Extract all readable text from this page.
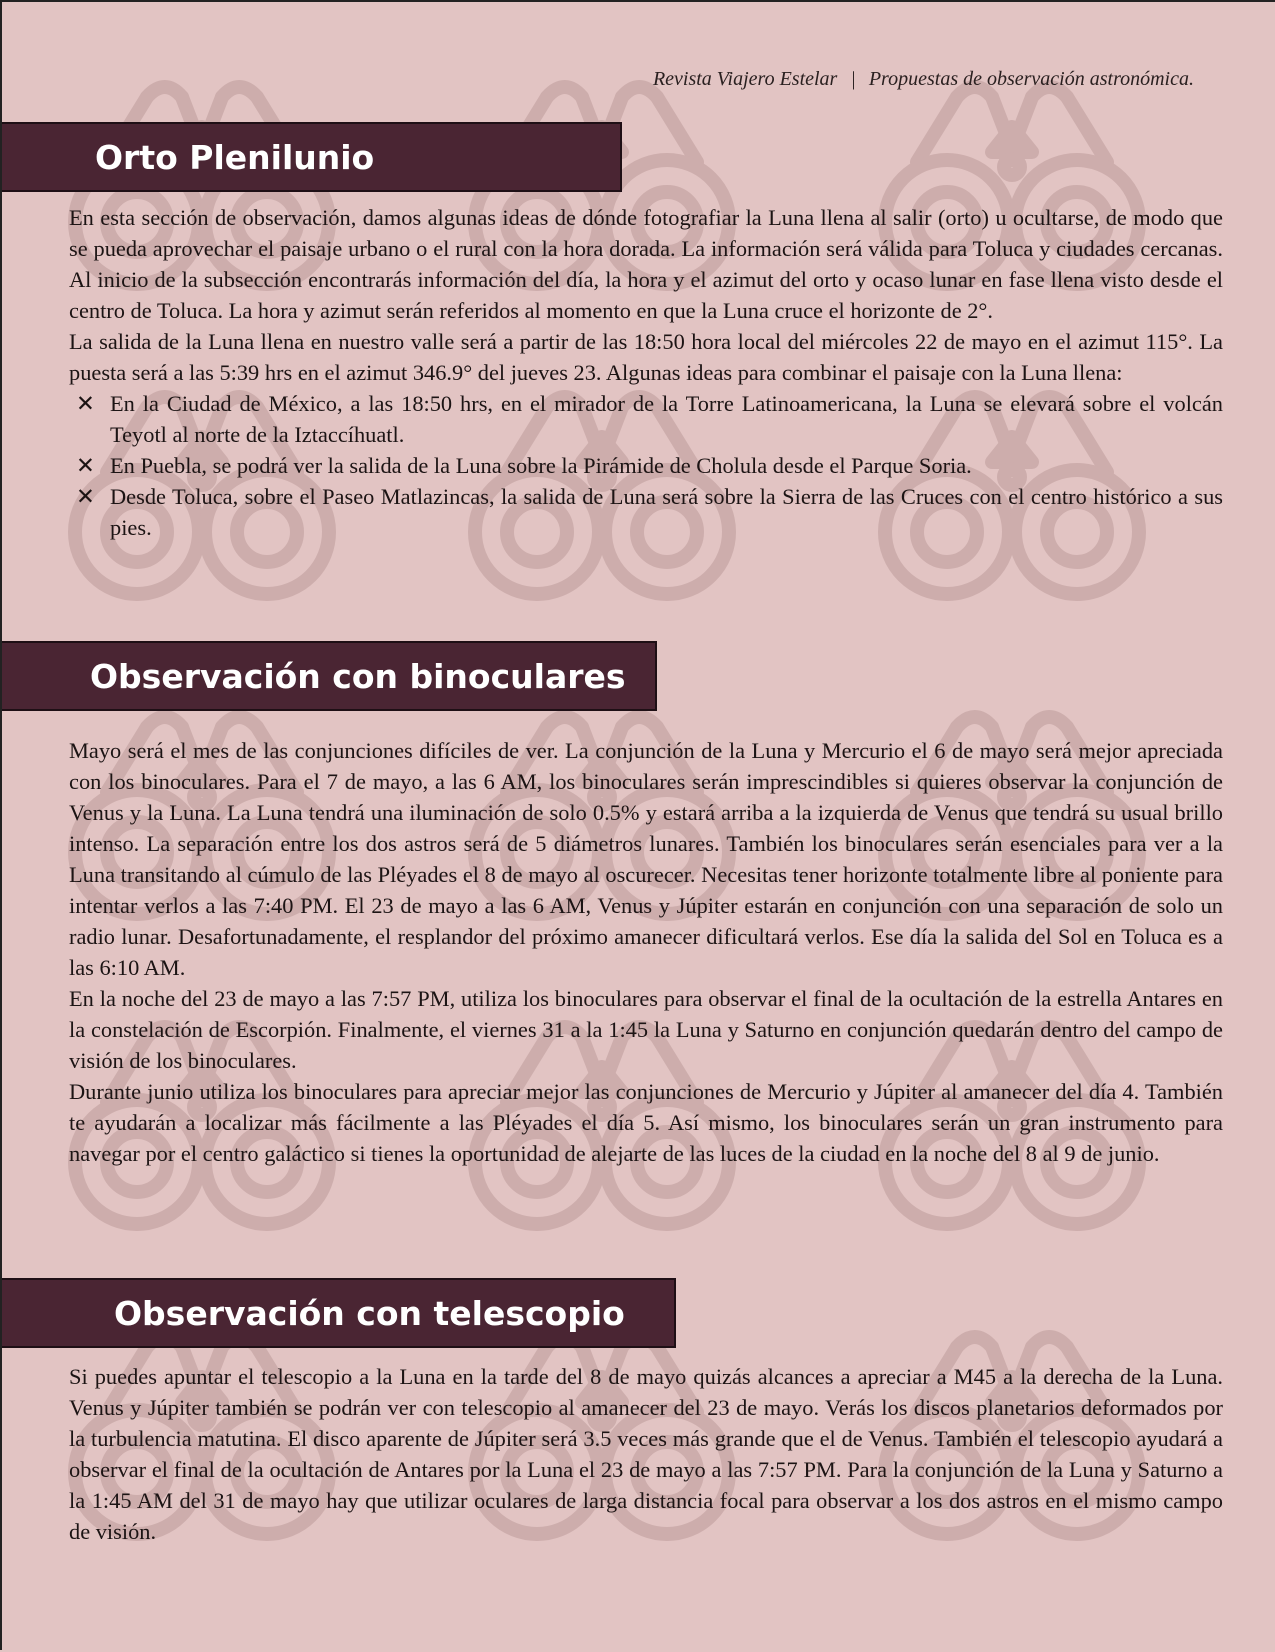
Revista Viajero Estelar | Propuestas de observación astronómica.
Orto Plenilunio

En esta sección de observación, damos algunas ideas de dónde fotografiar la Luna llena al salir (orto) u ocultarse, de modo que se pueda aprovechar el paisaje urbano o el rural con la hora dorada. La información será válida para Toluca y ciudades cercanas. Al inicio de la subsección encontrarás información del día, la hora y el azimut del orto y ocaso lunar en fase llena visto desde el centro de Toluca. La hora y azimut serán referidos al momento en que la Luna cruce el horizonte de 2°.

La salida de la Luna llena en nuestro valle será a partir de las 18:50 hora local del miércoles 22 de mayo en el azimut 115°. La puesta será a las 5:39 hrs en el azimut 346.9° del jueves 23. Algunas ideas para combinar el paisaje con la Luna llena:

✕ En la Ciudad de México, a las 18:50 hrs, en el mirador de la Torre Latinoamericana, la Luna se elevará sobre el volcán Teyotl al norte de la Iztaccíhuatl.
✕ En Puebla, se podrá ver la salida de la Luna sobre la Pirámide de Cholula desde el Parque Soria.
✕ Desde Toluca, sobre el Paseo Matlazincas, la salida de Luna será sobre la Sierra de las Cruces con el centro histórico a sus pies.
Observación con binoculares

Mayo será el mes de las conjunciones difíciles de ver. La conjunción de la Luna y Mercurio el 6 de mayo será mejor apreciada con los binoculares. Para el 7 de mayo, a las 6 AM, los binoculares serán imprescindibles si quieres observar la conjunción de Venus y la Luna. La Luna tendrá una iluminación de solo 0.5% y estará arriba a la izquierda de Venus que tendrá su usual brillo intenso. La separación entre los dos astros será de 5 diámetros lunares. También los binoculares serán esenciales para ver a la Luna transitando al cúmulo de las Pléyades el 8 de mayo al oscurecer. Necesitas tener horizonte totalmente libre al poniente para intentar verlos a las 7:40 PM. El 23 de mayo a las 6 AM, Venus y Júpiter estarán en conjunción con una separación de solo un radio lunar. Desafortunadamente, el resplandor del próximo amanecer dificultará verlos. Ese día la salida del Sol en Toluca es a las 6:10 AM.

En la noche del 23 de mayo a las 7:57 PM, utiliza los binoculares para observar el final de la ocultación de la estrella Antares en la constelación de Escorpión. Finalmente, el viernes 31 a la 1:45 la Luna y Saturno en conjunción quedarán dentro del campo de visión de los binoculares.

Durante junio utiliza los binoculares para apreciar mejor las conjunciones de Mercurio y Júpiter al amanecer del día 4. También te ayudarán a localizar más fácilmente a las Pléyades el día 5. Así mismo, los binoculares serán un gran instrumento para navegar por el centro galáctico si tienes la oportunidad de alejarte de las luces de la ciudad en la noche del 8 al 9 de junio.

Observación con telescopio

Si puedes apuntar el telescopio a la Luna en la tarde del 8 de mayo quizás alcances a apreciar a M45 a la derecha de la Luna. Venus y Júpiter también se podrán ver con telescopio al amanecer del 23 de mayo. Verás los discos planetarios deformados por la turbulencia matutina. El disco aparente de Júpiter será 3.5 veces más grande que el de Venus. También el telescopio ayudará a observar el final de la ocultación de Antares por la Luna el 23 de mayo a las 7:57 PM. Para la conjunción de la Luna y Saturno a la 1:45 AM del 31 de mayo hay que utilizar oculares de larga distancia focal para observar a los dos astros en el mismo campo de visión.
